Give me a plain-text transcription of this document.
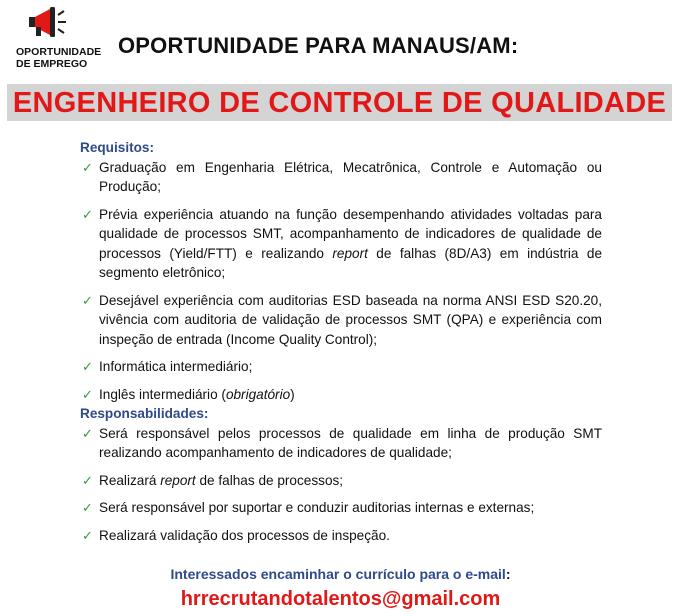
OPORTUNIDADE
DE EMPREGO
OPORTUNIDADE PARA MANAUS/AM:
ENGENHEIRO DE CONTROLE DE QUALIDADE
Requisitos:
✓ Graduação em Engenharia Elétrica, Mecatrônica, Controle e Automação ou Produção;
✓ Prévia experiência atuando na função desempenhando atividades voltadas para qualidade de processos SMT, acompanhamento de indicadores de qualidade de processos (Yield/FTT) e realizando report de falhas (8D/A3) em indústria de segmento eletrônico;
✓ Desejável experiência com auditorias ESD baseada na norma ANSI ESD S20.20, vivência com auditoria de validação de processos SMT (QPA) e experiência com inspeção de entrada (Income Quality Control);
✓ Informática intermediário;
✓ Inglês intermediário (obrigatório)
Responsabilidades:
✓ Será responsável pelos processos de qualidade em linha de produção SMT realizando acompanhamento de indicadores de qualidade;
✓ Realizará report de falhas de processos;
✓ Será responsável por suportar e conduzir auditorias internas e externas;
✓ Realizará validação dos processos de inspeção.
Interessados encaminhar o currículo para o e-mail:
hrrecrutandotalentos@gmail.com
